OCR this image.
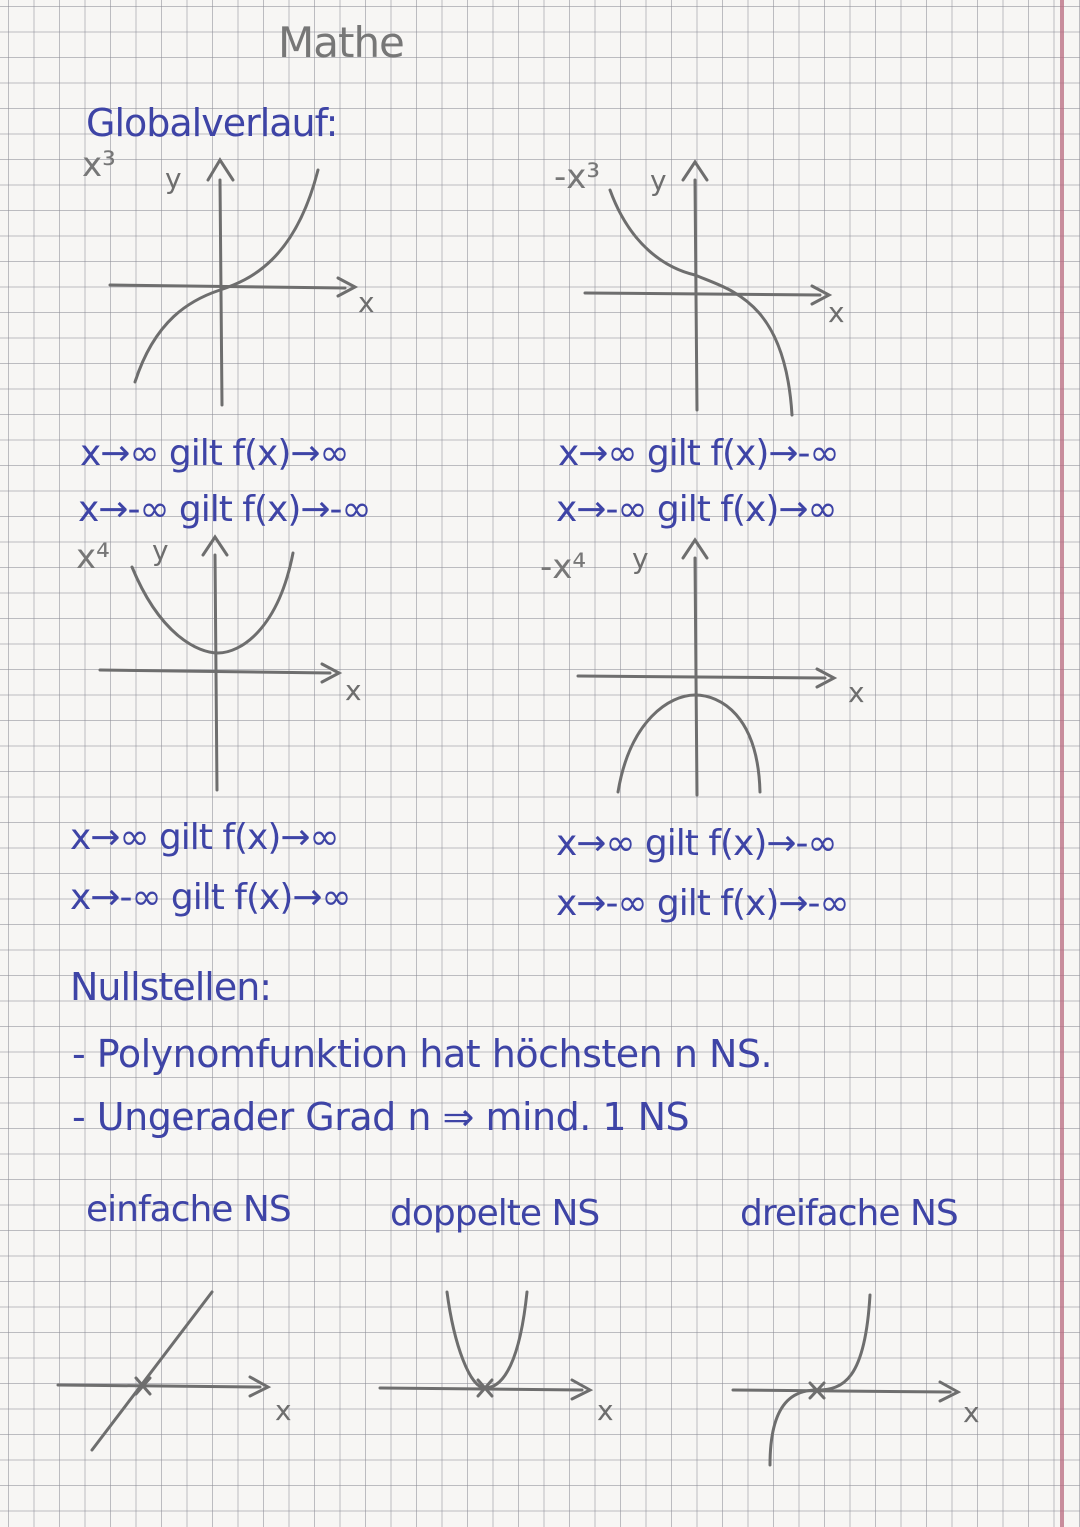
Mathe
Globalverlauf:
x³
x
y	-x³
x
y
x→∞ gilt f(x)→∞
x→-∞ gilt f(x)→-∞
x→∞ gilt f(x)→-∞
x→-∞ gilt f(x)→∞
x⁴
x
y	-x⁴
x
y
x→∞ gilt f(x)→∞
x→-∞ gilt f(x)→∞
x→∞ gilt f(x)→-∞
x→-∞ gilt f(x)→-∞
Nullstellen:
- Polynomfunktion hat höchsten n NS.
- Ungerader Grad n ⇒ mind. 1 NS
einfache NS	doppelte NS	dreifache NS
x	x	x
